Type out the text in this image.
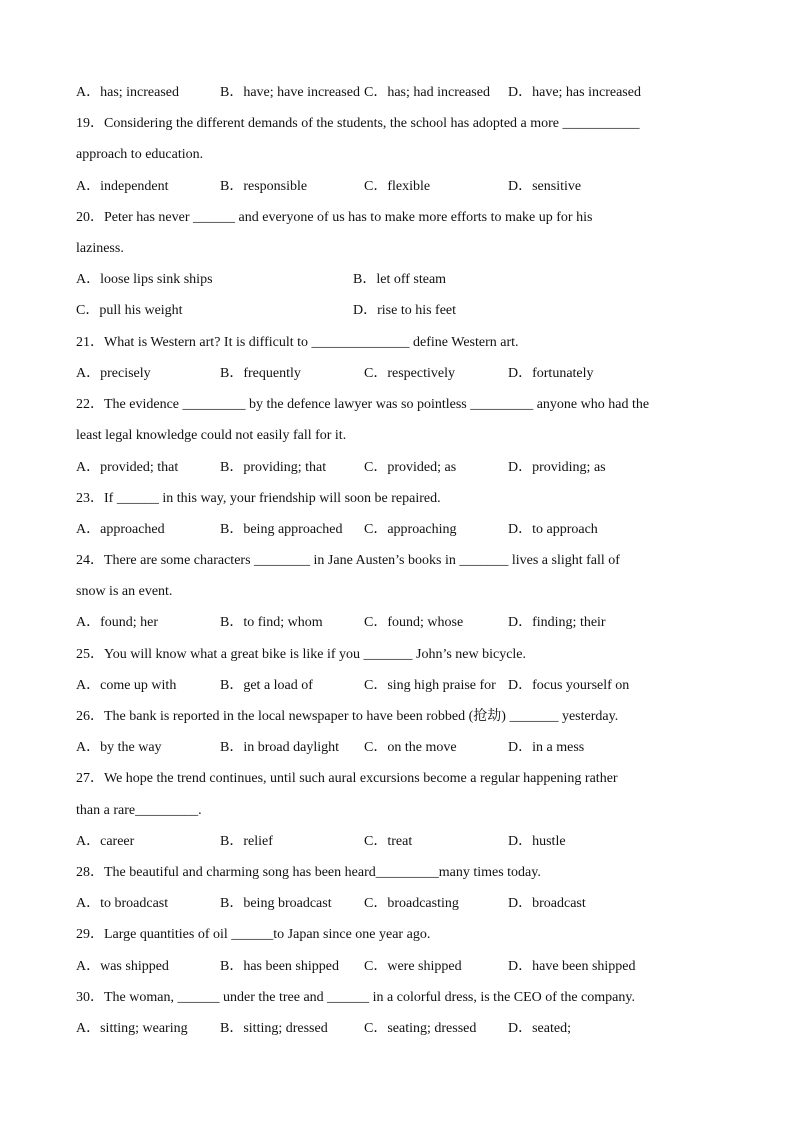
A．has; increased	B．have; have increased C．has; had increased	D．have; has increased
19．Considering the different demands of the students, the school has adopted a more ___________
approach to education.
A．independent	B．responsible	C．flexible	D．sensitive
20．Peter has never ______ and everyone of us has to make more efforts to make up for his
laziness.
A．loose lips sink ships	B．let off steam
C．pull his weight	D．rise to his feet
21．What is Western art? It is difficult to ______________ define Western art.
A．precisely	B．frequently	C．respectively	D．fortunately
22．The evidence _________ by the defence lawyer was so pointless _________ anyone who had the
least legal knowledge could not easily fall for it.
A．provided; that	B．providing; that	C．provided; as	D．providing; as
23．If ______ in this way, your friendship will soon be repaired.
A．approached	B．being approached	C．approaching	D．to approach
24．There are some characters ________ in Jane Austen’s books in _______ lives a slight fall of
snow is an event.
A．found; her	B．to find; whom	C．found; whose	D．finding; their
25．You will know what a great bike is like if you _______ John’s new bicycle.
A．come up with	B．get a load of	C．sing high praise for D．focus yourself on
26．The bank is reported in the local newspaper to have been robbed (抢劫) _______ yesterday.
A．by the way	B．in broad daylight	C．on the move	D．in a mess
27．We hope the trend continues, until such aural excursions become a regular happening rather
than a rare_________.
A．career	B．relief	C．treat	D．hustle
28．The beautiful and charming song has been heard_________many times today.
A．to broadcast	B．being broadcast	C．broadcasting	D．broadcast
29．Large quantities of oil ______to Japan since one year ago.
A．was shipped	B．has been shipped	C．were shipped	D．have been shipped
30．The woman, ______ under the tree and ______ in a colorful dress, is the CEO of the company.
A．sitting; wearing	B．sitting; dressed	C．seating; dressed	D．seated;
